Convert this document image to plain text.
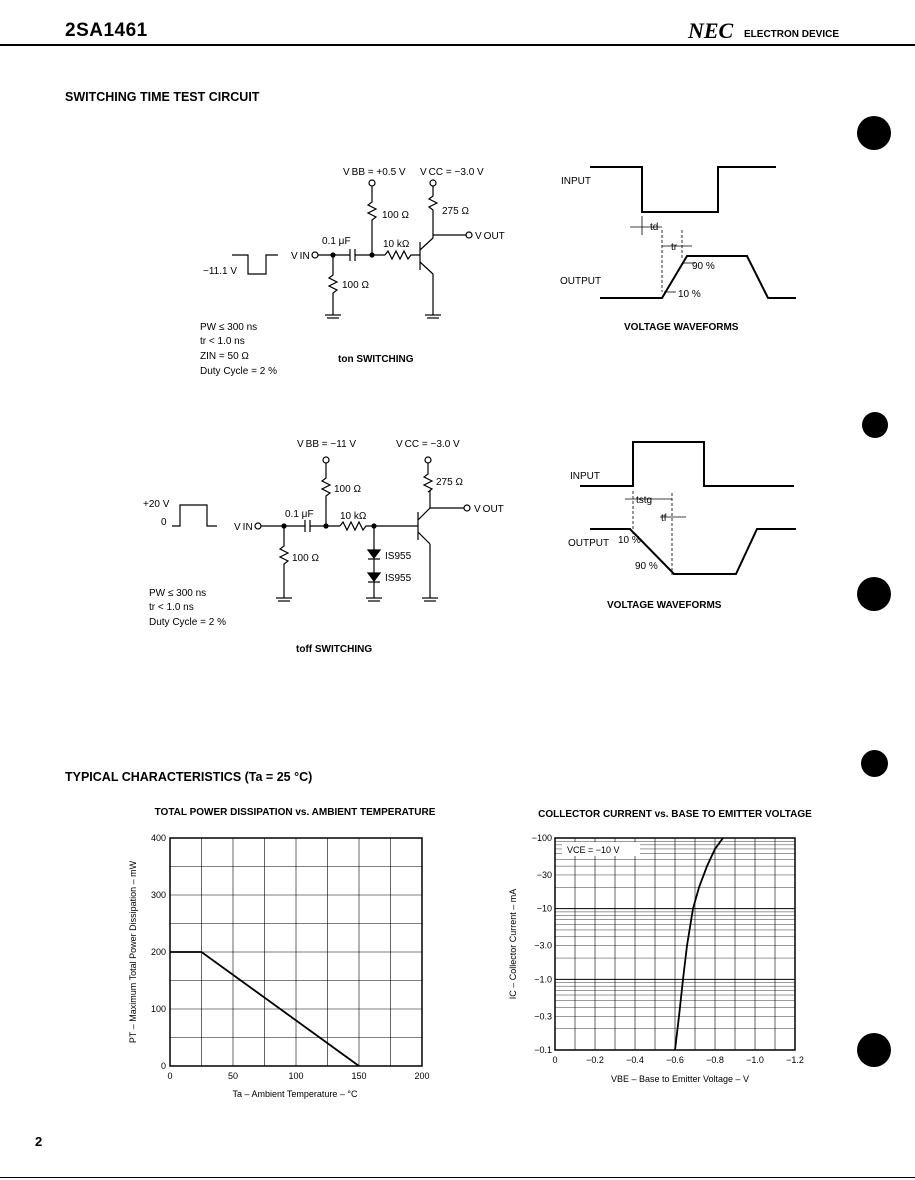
2SA1461	NEC ELECTRON DEVICE
SWITCHING TIME TEST CIRCUIT
V BB = +0.5 V V CC = −3.0 V
100 Ω	275 Ω
0.1 μF	10 kΩ
V OUT
V IN
100 Ω
−11.1 V
PW ≤ 300 ns
tr < 1.0 ns
ZIN = 50 Ω
Duty Cycle = 2 %
ton SWITCHING
INPUT
OUTPUT
td
tr
90 %
10 %
VOLTAGE WAVEFORMS
V BB = −11 V	V CC = −3.0 V
100 Ω
275 Ω
0.1 μF	10 kΩ
V OUT
V IN
100 Ω	IS955
IS955
+20 V
0
PW ≤ 300 ns
tr < 1.0 ns
Duty Cycle = 2 %
toff SWITCHING
INPUT
OUTPUT
tstg
tf
10 %
90 %
VOLTAGE WAVEFORMS
TYPICAL CHARACTERISTICS (Ta = 25 °C)
TOTAL POWER DISSIPATION vs. AMBIENT TEMPERATURE
0	50	100	150	200
0
100
200
300
400
Ta – Ambient Temperature – °C
PT – Maximum Total Power Dissipation – mW
COLLECTOR CURRENT vs. BASE TO EMITTER VOLTAGE
0	−0.2 −0.4 −0.6 −0.8 −1.0 −1.2
−0.1
−0.3
−1.0
−3.0
−10
−30
−100
VCE = −10 V
VBE – Base to Emitter Voltage – V
IC – Collector Current – mA
2
